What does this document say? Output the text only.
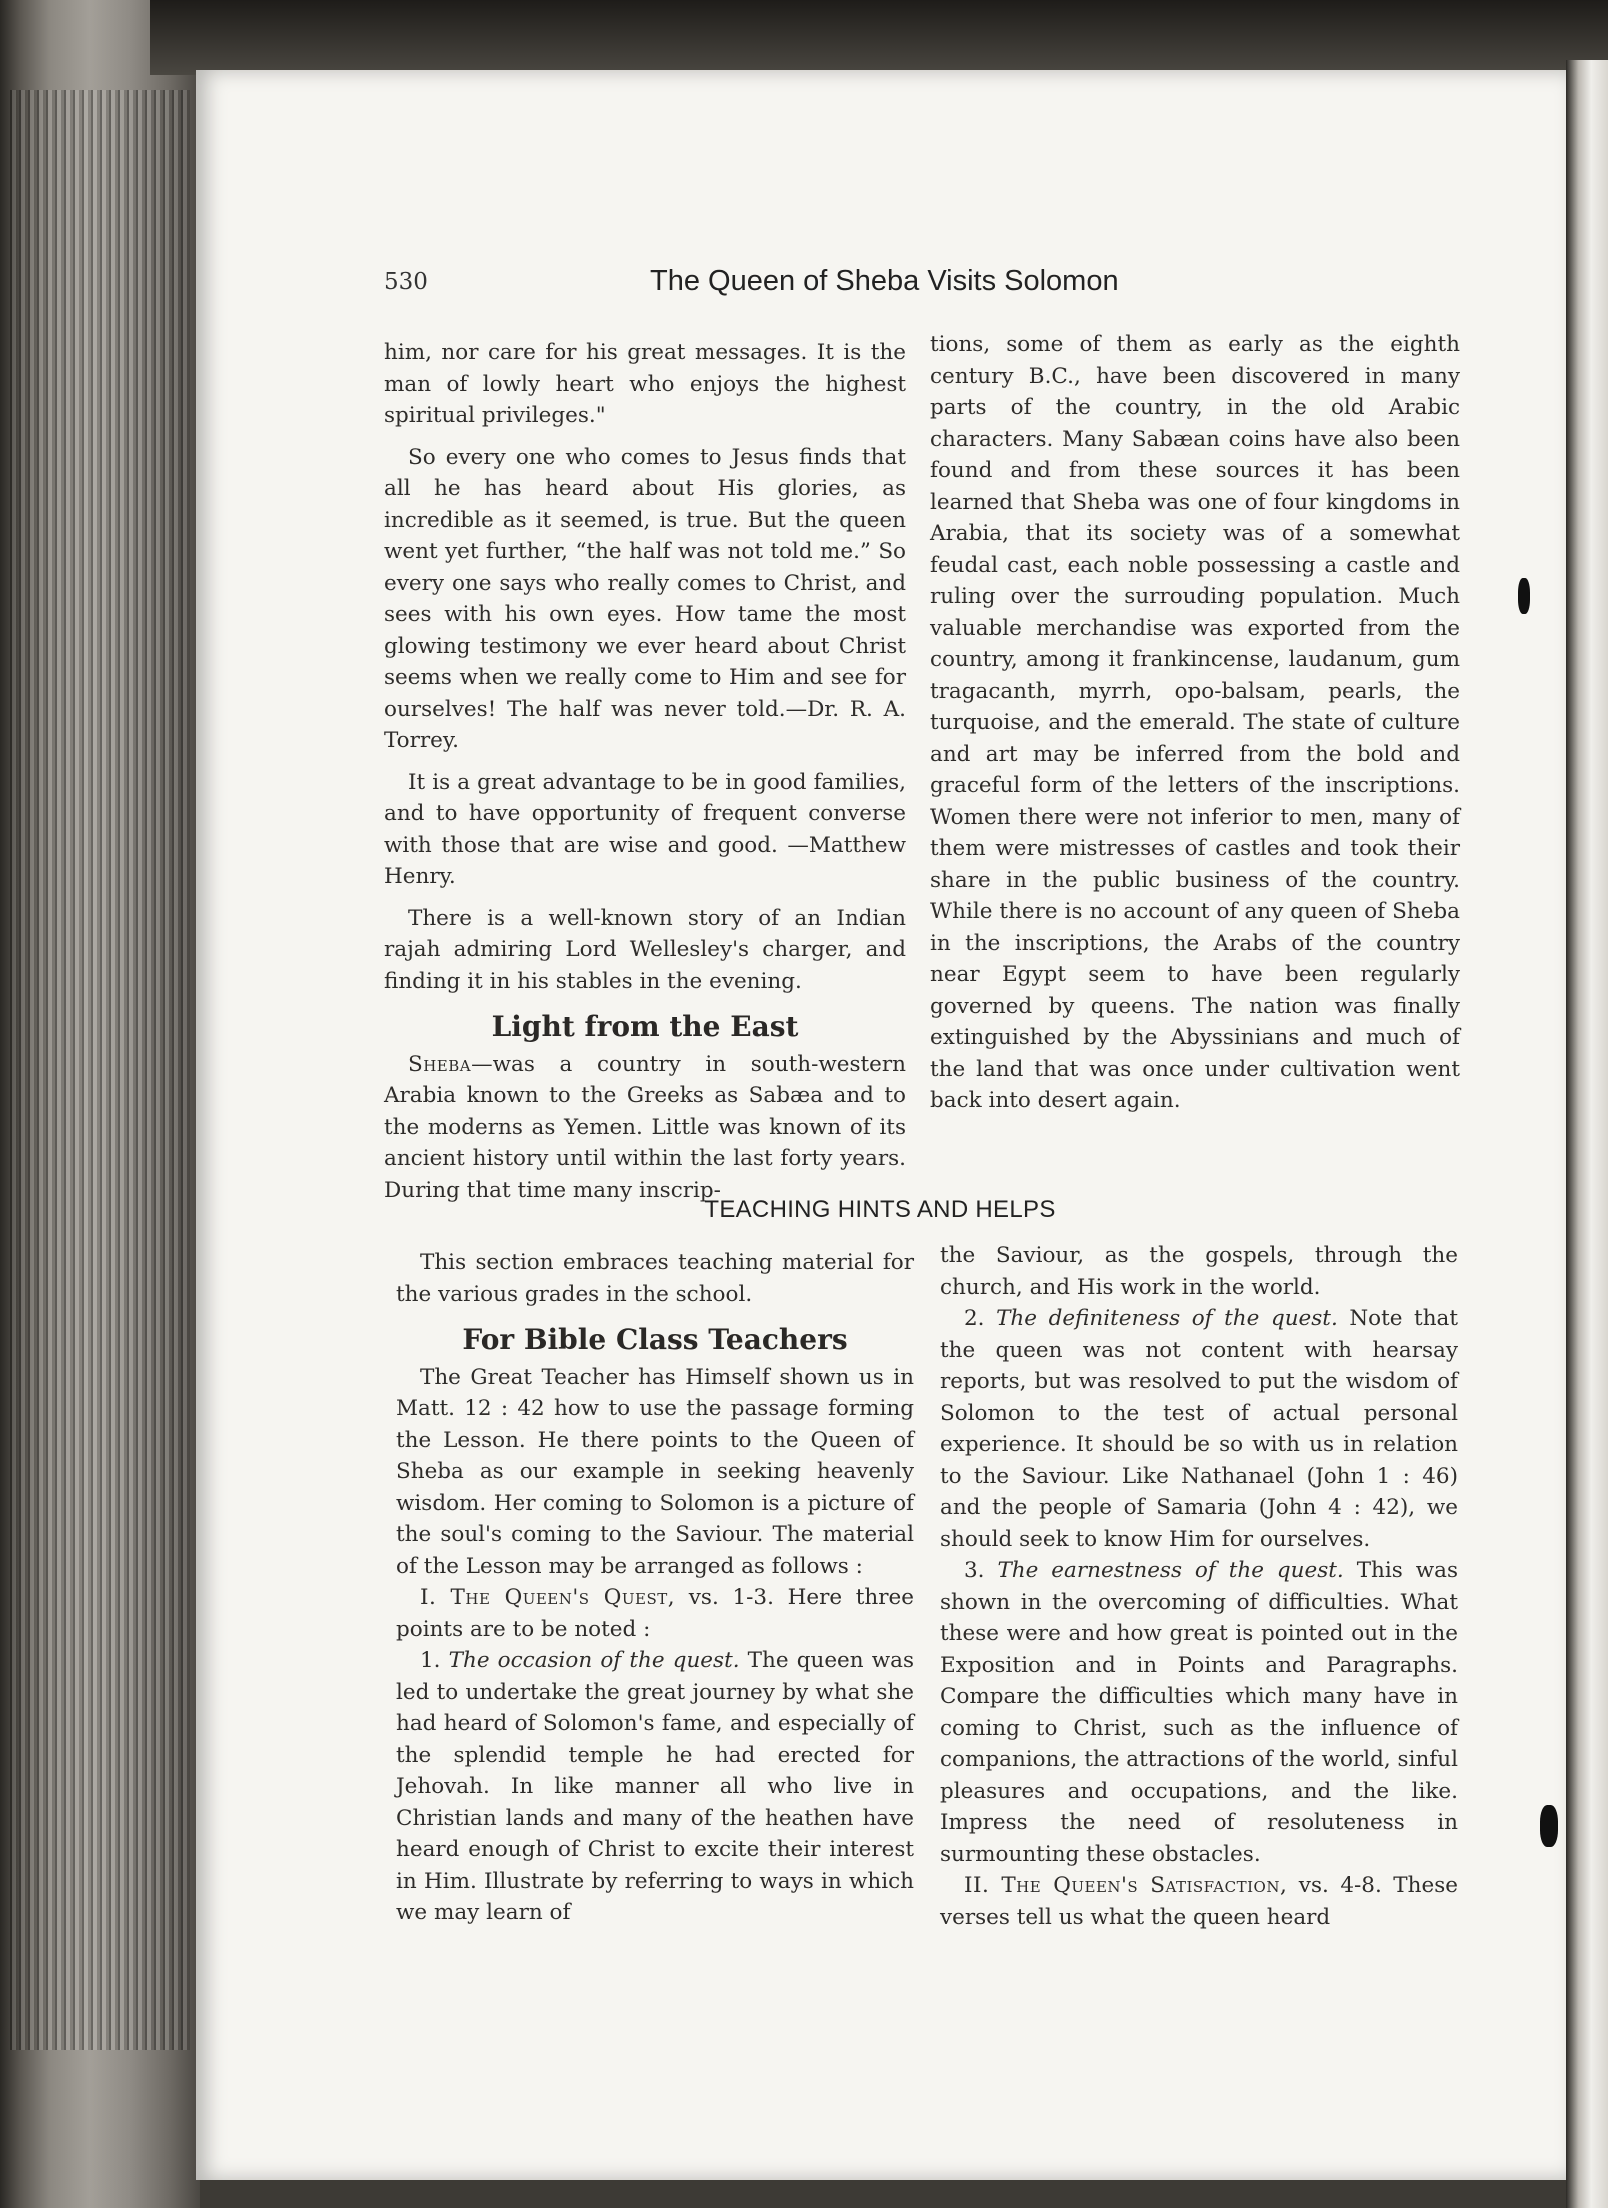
530	The Queen of Sheba Visits Solomon

him, nor care for his great messages. It is the man of lowly heart who enjoys the highest spiritual privileges."

So every one who comes to Jesus finds that all he has heard about His glories, as incredible as it seemed, is true. But the queen went yet further, “the half was not told me.” So every one says who really comes to Christ, and sees with his own eyes. How tame the most glowing testimony we ever heard about Christ seems when we really come to Him and see for ourselves! The half was never told.—Dr. R. A. Torrey.

It is a great advantage to be in good families, and to have opportunity of frequent converse with those that are wise and good. —Matthew Henry.

There is a well-known story of an Indian rajah admiring Lord Wellesley's charger, and finding it in his stables in the evening.

Light from the East

Sheba—was a country in south-western Arabia known to the Greeks as Sabæa and to the moderns as Yemen. Little was known of its ancient history until within the last forty years. During that time many inscrip-

tions, some of them as early as the eighth century B.C., have been discovered in many parts of the country, in the old Arabic characters. Many Sabæan coins have also been found and from these sources it has been learned that Sheba was one of four kingdoms in Arabia, that its society was of a somewhat feudal cast, each noble possessing a castle and ruling over the surrouding population. Much valuable merchandise was exported from the country, among it frankincense, laudanum, gum tragacanth, myrrh, opo-balsam, pearls, the turquoise, and the emerald. The state of culture and art may be inferred from the bold and graceful form of the letters of the inscriptions. Women there were not inferior to men, many of them were mistresses of castles and took their share in the public business of the country. While there is no account of any queen of Sheba in the inscriptions, the Arabs of the country near Egypt seem to have been regularly governed by queens. The nation was finally extinguished by the Abyssinians and much of the land that was once under cultivation went back into desert again.

TEACHING HINTS AND HELPS

This section embraces teaching material for the various grades in the school.

For Bible Class Teachers

The Great Teacher has Himself shown us in Matt. 12 : 42 how to use the passage forming the Lesson. He there points to the Queen of Sheba as our example in seeking heavenly wisdom. Her coming to Solomon is a picture of the soul's coming to the Saviour. The material of the Lesson may be arranged as follows :

I. The Queen's Quest, vs. 1-3. Here three points are to be noted :

1. The occasion of the quest. The queen was led to undertake the great journey by what she had heard of Solomon's fame, and especially of the splendid temple he had erected for Jehovah. In like manner all who live in Christian lands and many of the heathen have heard enough of Christ to excite their interest in Him. Illustrate by referring to ways in which we may learn of

the Saviour, as the gospels, through the church, and His work in the world.

2. The definiteness of the quest. Note that the queen was not content with hearsay reports, but was resolved to put the wisdom of Solomon to the test of actual personal experience. It should be so with us in relation to the Saviour. Like Nathanael (John 1 : 46) and the people of Samaria (John 4 : 42), we should seek to know Him for ourselves.

3. The earnestness of the quest. This was shown in the overcoming of difficulties. What these were and how great is pointed out in the Exposition and in Points and Paragraphs. Compare the difficulties which many have in coming to Christ, such as the influence of companions, the attractions of the world, sinful pleasures and occupations, and the like. Impress the need of resoluteness in surmounting these obstacles.

II. The Queen's Satisfaction, vs. 4-8. These verses tell us what the queen heard
